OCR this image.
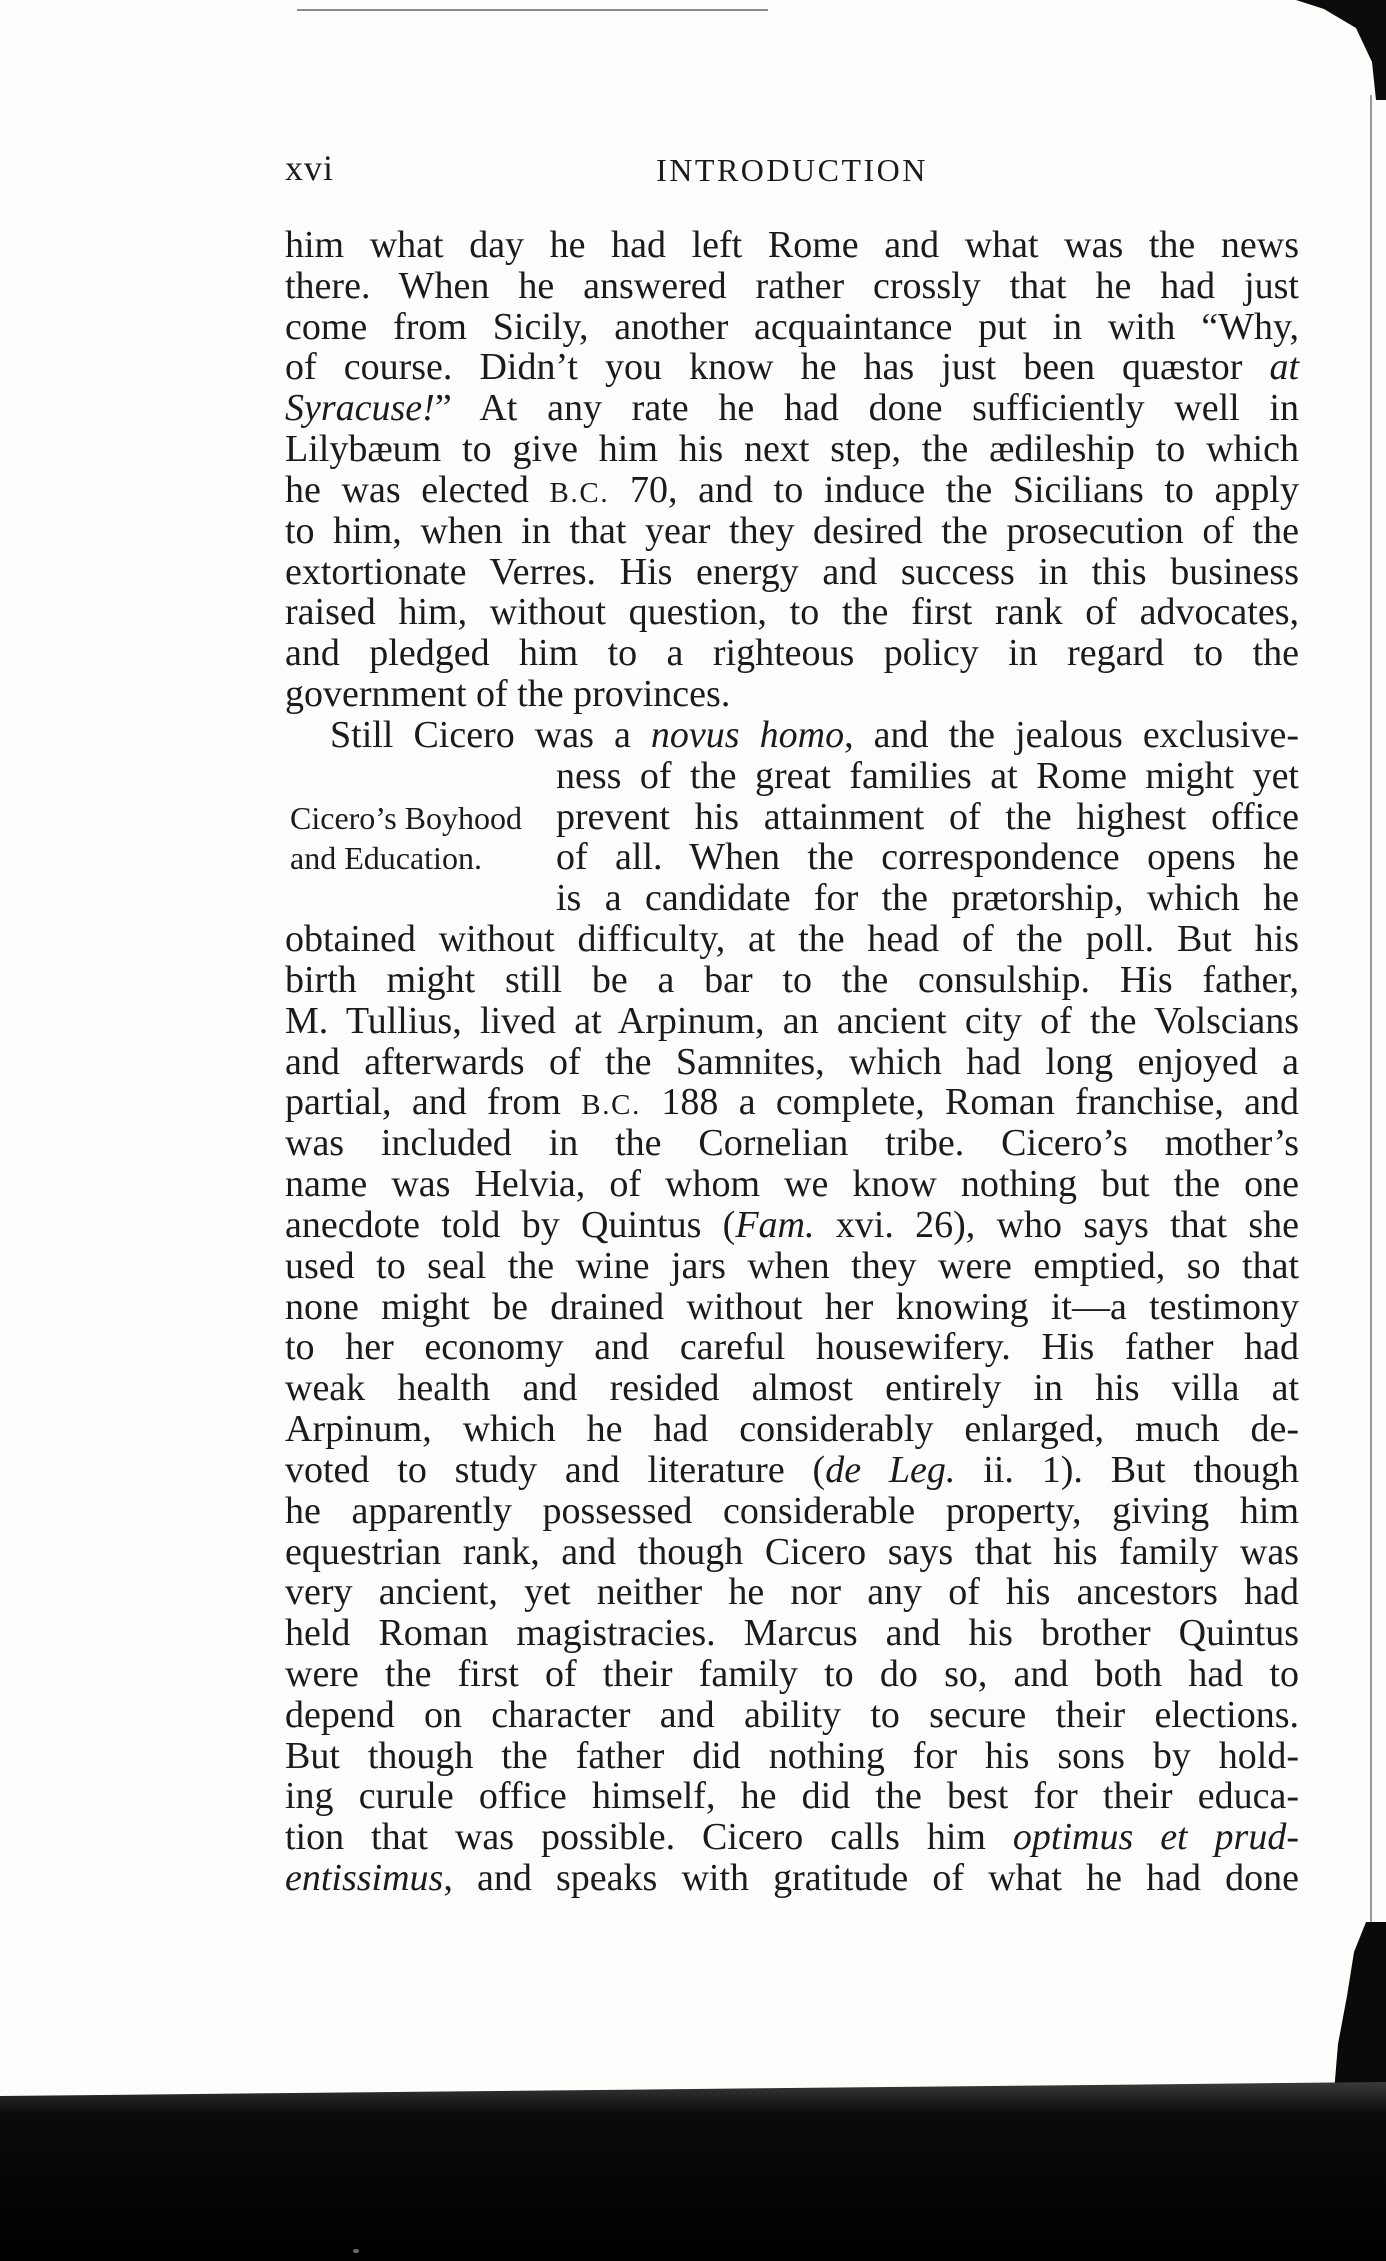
xvi	INTRODUCTION
him what day he had left Rome and what was the news
there. When he answered rather crossly that he had just
come from Sicily, another acquaintance put in with “Why,
of course. Didn’t you know he has just been quæstor at
Syracuse!” At any rate he had done sufficiently well in
Lilybæum to give him his next step, the ædileship to which
he was elected B.C. 70, and to induce the Sicilians to apply
to him, when in that year they desired the prosecution of the
extortionate Verres. His energy and success in this business
raised him, without question, to the first rank of advocates,
and pledged him to a righteous policy in regard to the
government of the provinces.
Still Cicero was a novus homo, and the jealous exclusive-
ness of the great families at Rome might yet
Cicero’s Boyhood prevent his attainment of the highest office
and Education.	of all. When the correspondence opens he
is a candidate for the prætorship, which he
obtained without difficulty, at the head of the poll. But his
birth might still be a bar to the consulship. His father,
M. Tullius, lived at Arpinum, an ancient city of the Volscians
and afterwards of the Samnites, which had long enjoyed a
partial, and from B.C. 188 a complete, Roman franchise, and
was included in the Cornelian tribe. Cicero’s mother’s
name was Helvia, of whom we know nothing but the one
anecdote told by Quintus (Fam. xvi. 26), who says that she
used to seal the wine jars when they were emptied, so that
none might be drained without her knowing it—a testimony
to her economy and careful housewifery. His father had
weak health and resided almost entirely in his villa at
Arpinum, which he had considerably enlarged, much de-
voted to study and literature (de Leg. ii. 1). But though
he apparently possessed considerable property, giving him
equestrian rank, and though Cicero says that his family was
very ancient, yet neither he nor any of his ancestors had
held Roman magistracies. Marcus and his brother Quintus
were the first of their family to do so, and both had to
depend on character and ability to secure their elections.
But though the father did nothing for his sons by hold-
ing curule office himself, he did the best for their educa-
tion that was possible. Cicero calls him optimus et prud-
entissimus, and speaks with gratitude of what he had done
